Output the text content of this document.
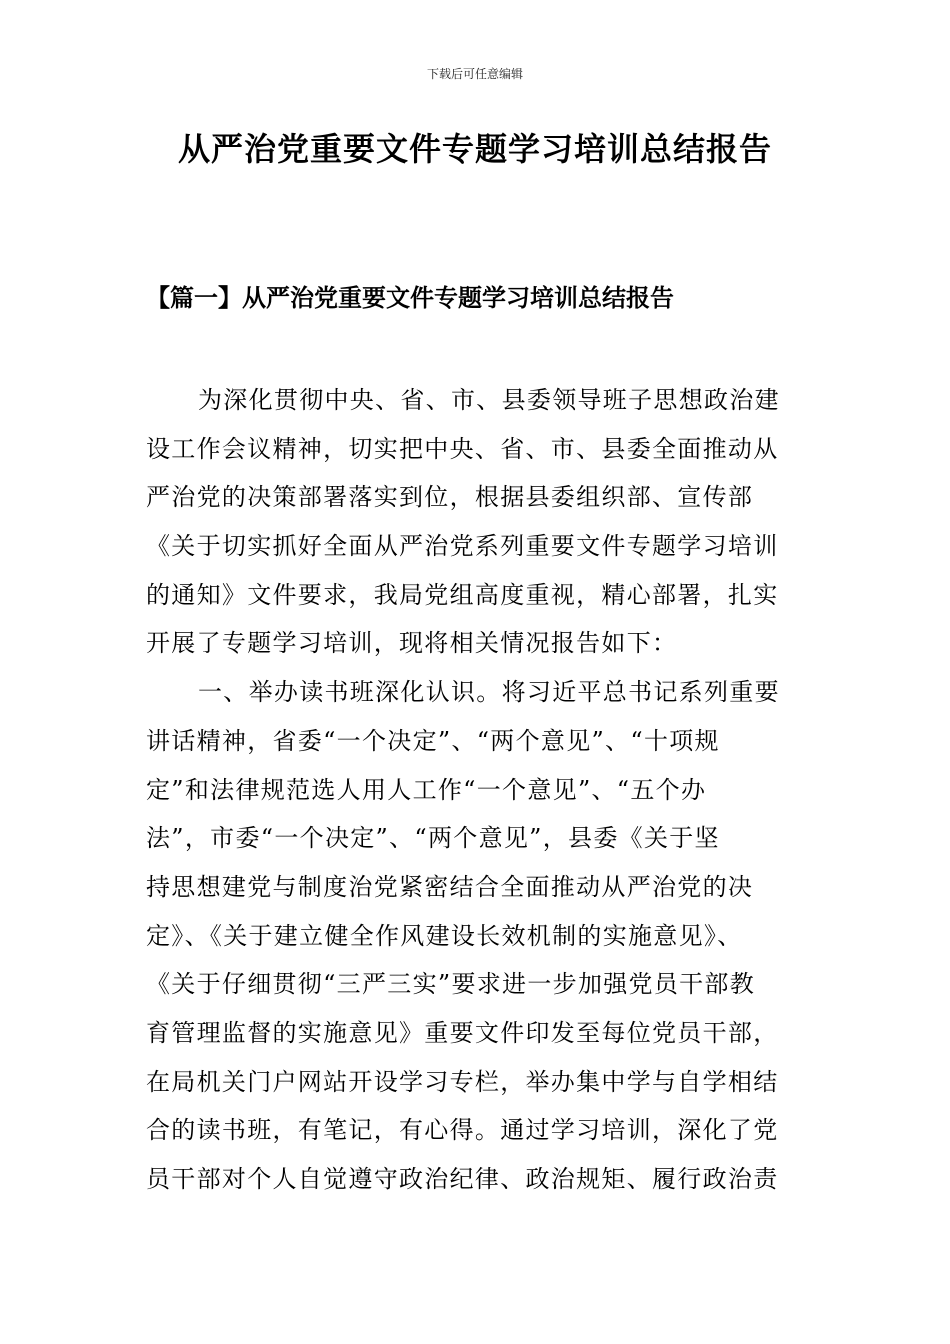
下载后可任意编辑
从严治党重要文件专题学习培训总结报告
【篇一】从严治党重要文件专题学习培训总结报告
为深化贯彻中央、省、市、县委领导班子思想政治建
设工作会议精神，切实把中央、省、市、县委全面推动从
严治党的决策部署落实到位，根据县委组织部、宣传部
《关于切实抓好全面从严治党系列重要文件专题学习培训
的通知》文件要求，我局党组高度重视，精心部署，扎实
开展了专题学习培训，现将相关情况报告如下：
一、举办读书班深化认识。将习近平总书记系列重要
讲话精神，省委“一个决定”、“两个意见”、“十项规
定”和法律规范选人用人工作“一个意见”、“五个办
法”，市委“一个决定”、“两个意见”，县委《关于坚
持思想建党与制度治党紧密结合全面推动从严治党的决
定》、《关于建立健全作风建设长效机制的实施意见》、
《关于仔细贯彻“三严三实”要求进一步加强党员干部教
育管理监督的实施意见》重要文件印发至每位党员干部，
在局机关门户网站开设学习专栏，举办集中学与自学相结
合的读书班，有笔记，有心得。通过学习培训，深化了党
员干部对个人自觉遵守政治纪律、政治规矩、履行政治责
